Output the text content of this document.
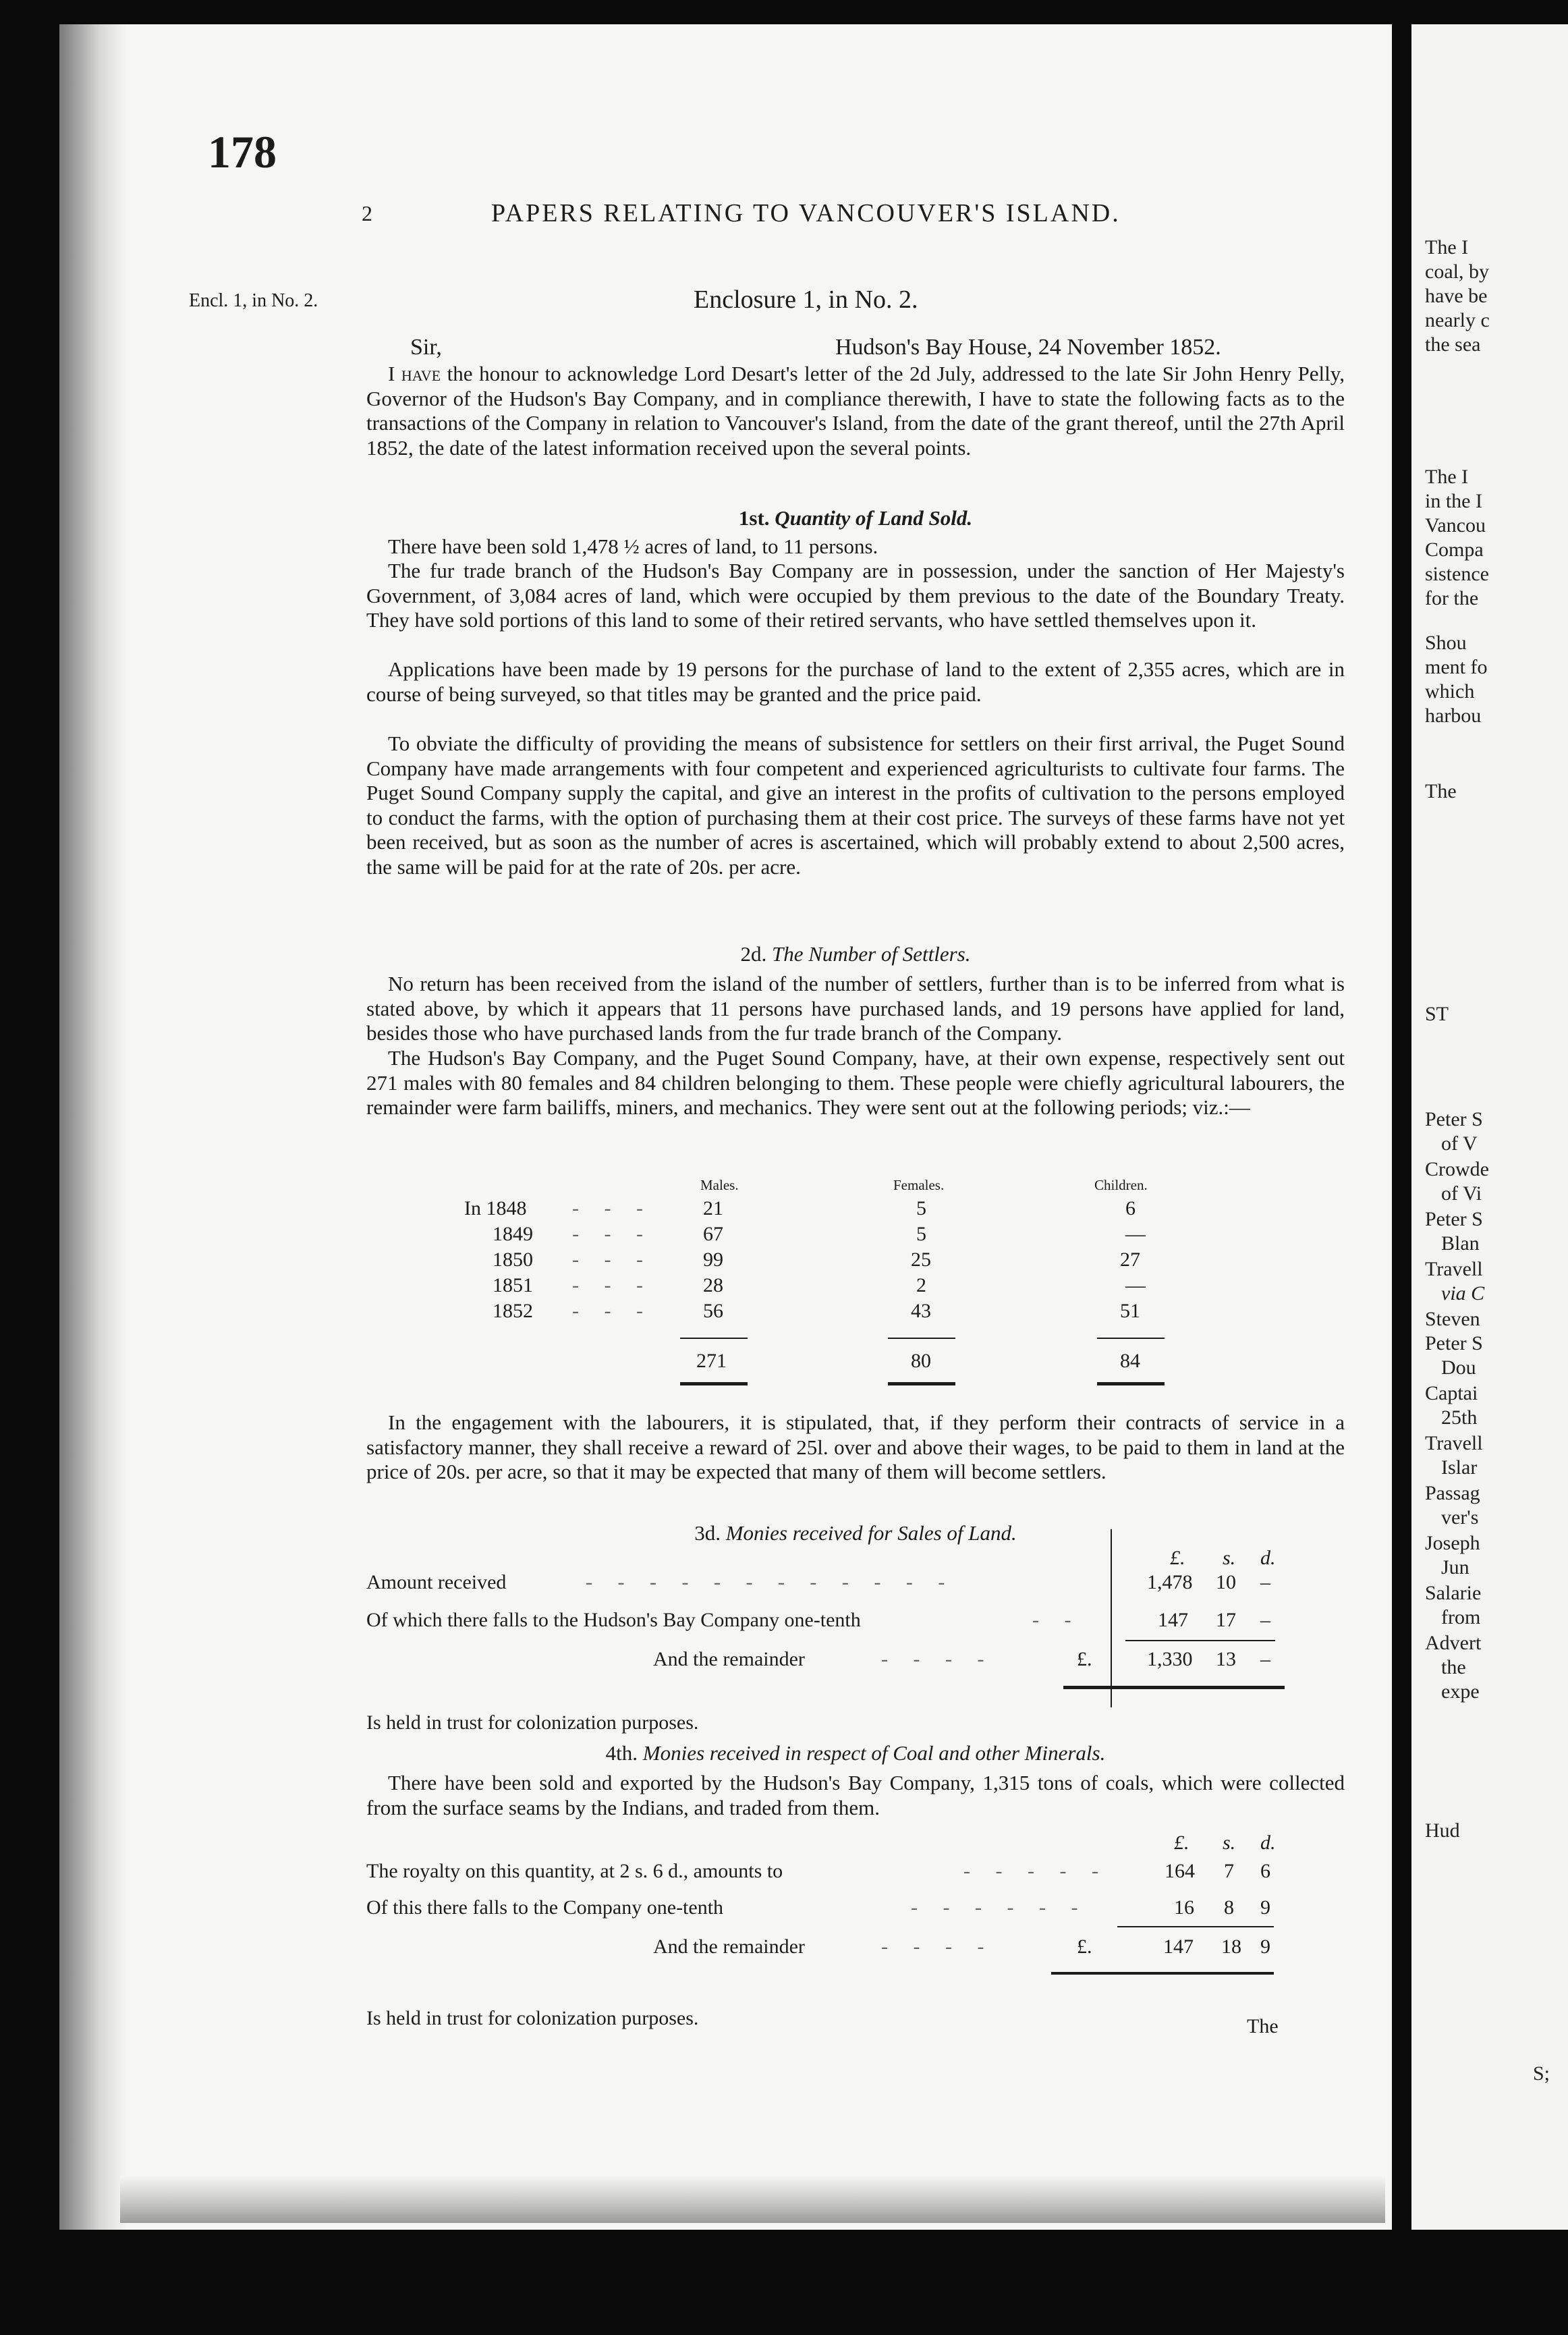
178
2	PAPERS RELATING TO VANCOUVER'S ISLAND.
Encl. 1, in No. 2.	Enclosure 1, in No. 2.
Sir,	Hudson's Bay House, 24 November 1852.
I have the honour to acknowledge Lord Desart's letter of the 2d July, addressed to the late Sir John Henry Pelly, Governor of the Hudson's Bay Company, and in compliance therewith, I have to state the following facts as to the transactions of the Company in relation to Vancouver's Island, from the date of the grant thereof, until the 27th April 1852, the date of the latest information received upon the several points.
1st. Quantity of Land Sold.
There have been sold 1,478 ½ acres of land, to 11 persons.
The fur trade branch of the Hudson's Bay Company are in possession, under the sanction of Her Majesty's Government, of 3,084 acres of land, which were occupied by them previous to the date of the Boundary Treaty. They have sold portions of this land to some of their retired servants, who have settled themselves upon it.
Applications have been made by 19 persons for the purchase of land to the extent of 2,355 acres, which are in course of being surveyed, so that titles may be granted and the price paid.
To obviate the difficulty of providing the means of subsistence for settlers on their first arrival, the Puget Sound Company have made arrangements with four competent and experienced agriculturists to cultivate four farms. The Puget Sound Company supply the capital, and give an interest in the profits of cultivation to the persons employed to conduct the farms, with the option of purchasing them at their cost price. The surveys of these farms have not yet been received, but as soon as the number of acres is ascertained, which will probably extend to about 2,500 acres, the same will be paid for at the rate of 20s. per acre.
2d. The Number of Settlers.
No return has been received from the island of the number of settlers, further than is to be inferred from what is stated above, by which it appears that 11 persons have purchased lands, and 19 persons have applied for land, besides those who have purchased lands from the fur trade branch of the Company.
The Hudson's Bay Company, and the Puget Sound Company, have, at their own expense, respectively sent out 271 males with 80 females and 84 children belonging to them. These people were chiefly agricultural labourers, the remainder were farm bailiffs, miners, and mechanics. They were sent out at the following periods; viz.:—
Males.	Females.	Children.
In 1848 -     -     -	21	5	6
1849 -     -     -	67	5	—
1850 -     -     -	99	25	27
1851 -     -     -	28	2	—
1852 -     -     -	56	43	51
271	80	84
In the engagement with the labourers, it is stipulated, that, if they perform their contracts of service in a satisfactory manner, they shall receive a reward of 25l. over and above their wages, to be paid to them in land at the price of 20s. per acre, so that it may be expected that many of them will become settlers.
3d. Monies received for Sales of Land.
£. s. d.
Amount received	-     -     -     -     -     -     -     -     -     -     -     -	1,478 10 –
Of which there falls to the Hudson's Bay Company one-tenth	-     -	147 17 –
And the remainder	-     -     -     -	£.	1,330 13 –
Is held in trust for colonization purposes.
4th. Monies received in respect of Coal and other Minerals.
There have been sold and exported by the Hudson's Bay Company, 1,315 tons of coals, which were collected from the surface seams by the Indians, and traded from them.
£. s. d.
The royalty on this quantity, at 2 s. 6 d., amounts to	-     -     -     -     -	164 7 6
Of this there falls to the Company one-tenth	-     -     -     -     -     -	16 8 9
And the remainder	-     -     -     -	£.	147 18 9
Is held in trust for colonization purposes.	The
The I
coal, by
have be
nearly c
the sea
The I
in the I
Vancou
Compa
sistence
for the
Shou
ment fo
which
harbou
The
ST
Peter S
of V
Crowde
of Vi
Peter S
Blan
Travell
via C
Steven
Peter S
Dou
Captai
25th
Travell
Islar
Passag
ver's
Joseph
Jun
Salarie
from
Advert
the
expe
Hud
S;
